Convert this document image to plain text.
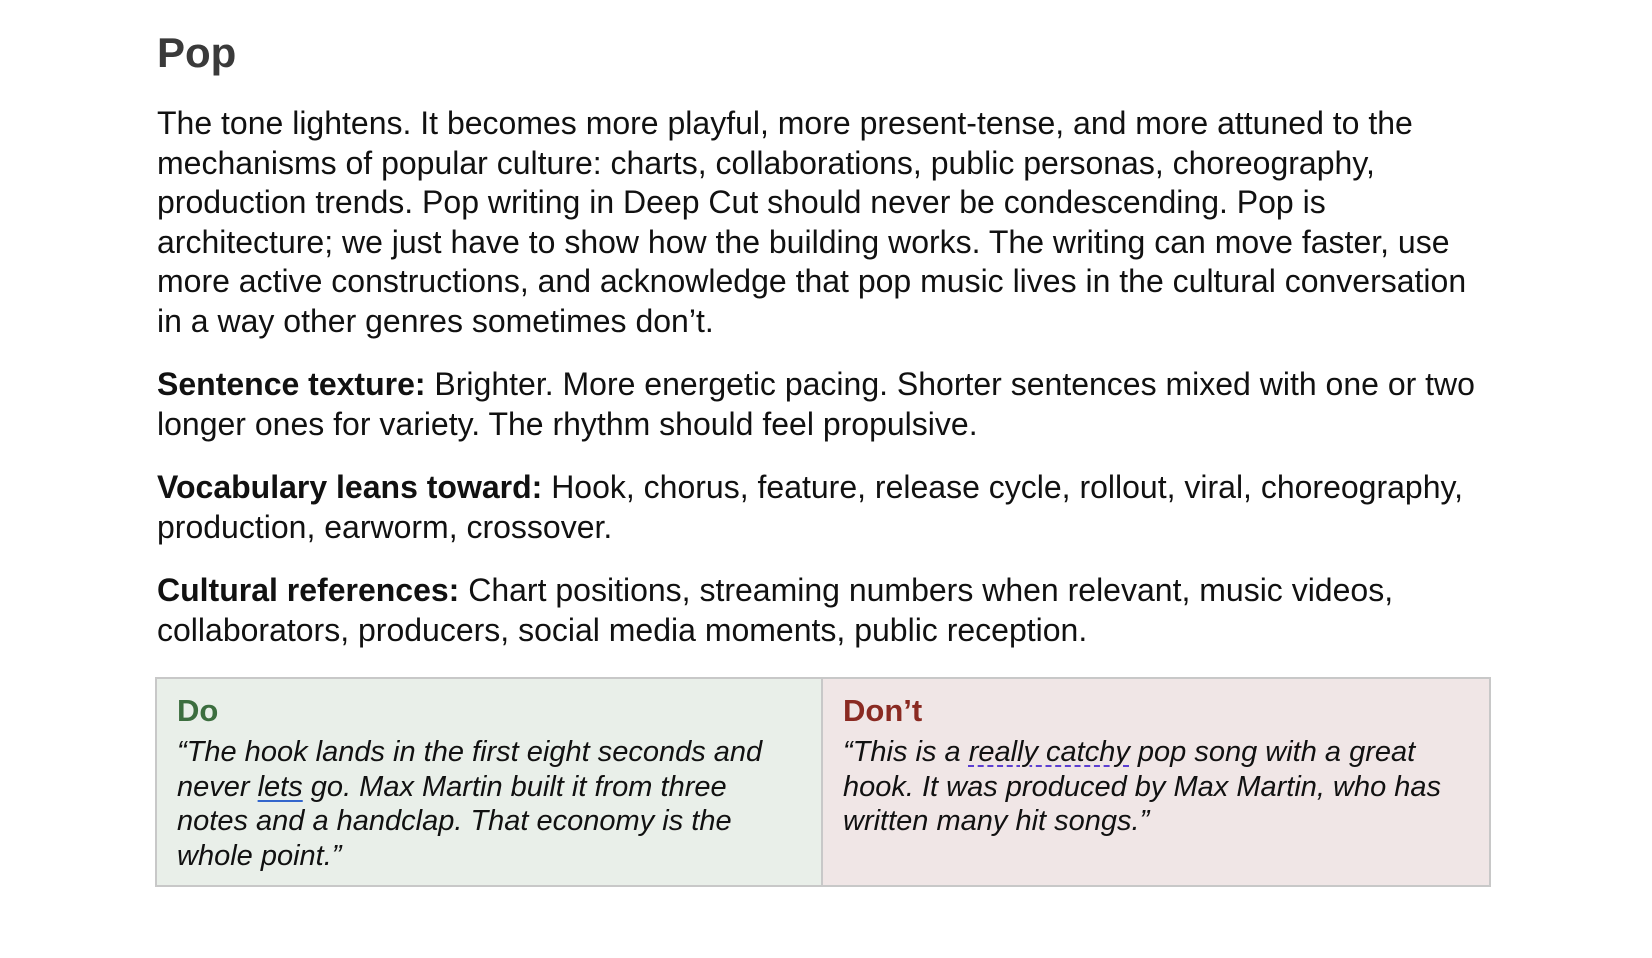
Pop

The tone lightens. It becomes more playful, more present-tense, and more attuned to the mechanisms of popular culture: charts, collaborations, public personas, choreography, production trends. Pop writing in Deep Cut should never be condescending. Pop is architecture; we just have to show how the building works. The writing can move faster, use more active constructions, and acknowledge that pop music lives in the cultural conversation in a way other genres sometimes don’t.

Sentence texture: Brighter. More energetic pacing. Shorter sentences mixed with one or two longer ones for variety. The rhythm should feel propulsive.

Vocabulary leans toward: Hook, chorus, feature, release cycle, rollout, viral, choreography, production, earworm, crossover.

Cultural references: Chart positions, streaming numbers when relevant, music videos, collaborators, producers, social media moments, public reception.

Do

“The hook lands in the first eight seconds and never lets go. Max Martin built it from three notes and a handclap. That economy is the whole point.”

Don’t

“This is a really catchy pop song with a great hook. It was produced by Max Martin, who has written many hit songs.”
